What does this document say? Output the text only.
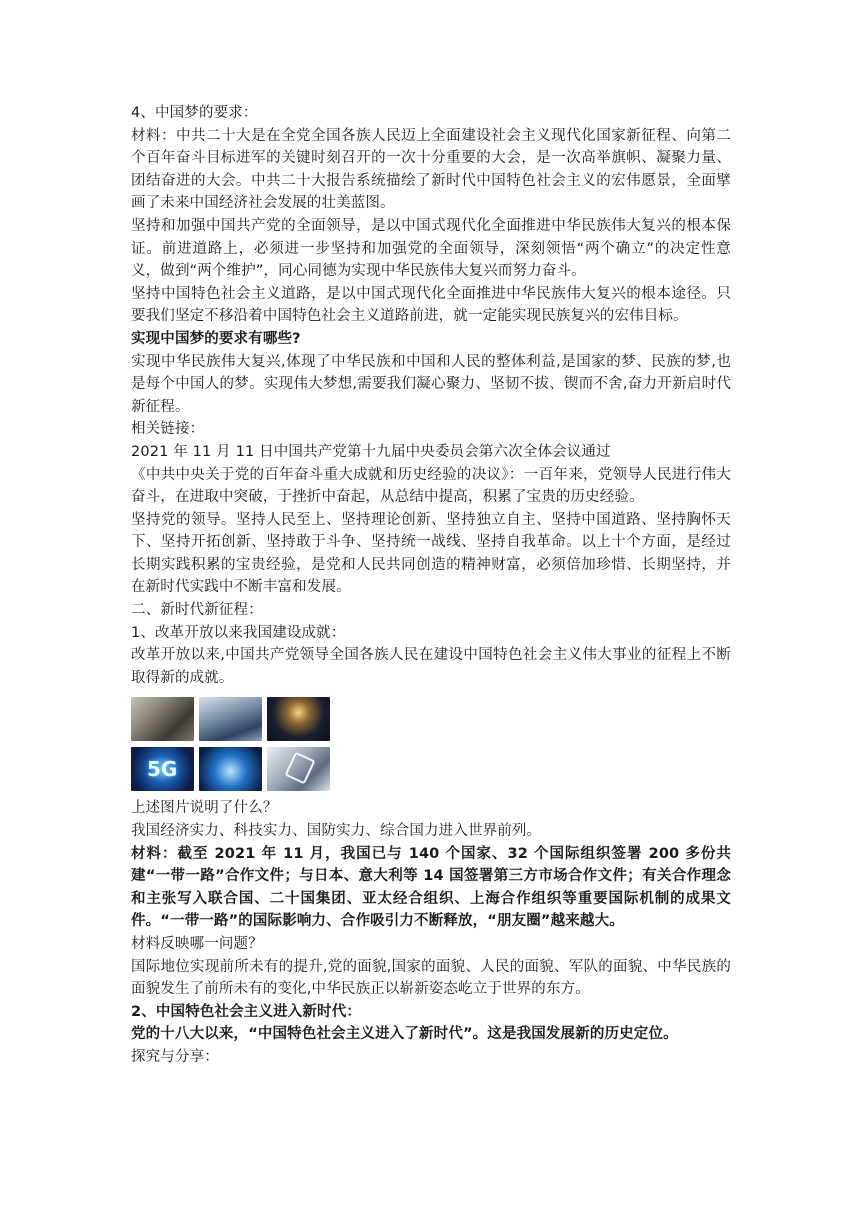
4、中国梦的要求：

材料：中共二十大是在全党全国各族人民迈上全面建设社会主义现代化国家新征程、向第二个百年奋斗目标进军的关键时刻召开的一次十分重要的大会，是一次高举旗帜、凝聚力量、团结奋进的大会。中共二十大报告系统描绘了新时代中国特色社会主义的宏伟愿景，全面擘画了未来中国经济社会发展的壮美蓝图。

坚持和加强中国共产党的全面领导，是以中国式现代化全面推进中华民族伟大复兴的根本保证。前进道路上，必须进一步坚持和加强党的全面领导，深刻领悟“两个确立”的决定性意义，做到“两个维护”，同心同德为实现中华民族伟大复兴而努力奋斗。

坚持中国特色社会主义道路，是以中国式现代化全面推进中华民族伟大复兴的根本途径。只要我们坚定不移沿着中国特色社会主义道路前进，就一定能实现民族复兴的宏伟目标。

实现中国梦的要求有哪些?

实现中华民族伟大复兴,体现了中华民族和中国和人民的整体利益,是国家的梦、民族的梦,也是每个中国人的梦。实现伟大梦想,需要我们凝心聚力、坚韧不拔、锲而不舍,奋力开新启时代新征程。

相关链接：

2021 年 11 月 11 日中国共产党第十九届中央委员会第六次全体会议通过

《中共中央关于党的百年奋斗重大成就和历史经验的决议》：一百年来，党领导人民进行伟大奋斗，在进取中突破，于挫折中奋起，从总结中提高，积累了宝贵的历史经验。

坚持党的领导。坚持人民至上、坚持理论创新、坚持独立自主、坚持中国道路、坚持胸怀天下、坚持开拓创新、坚持敢于斗争、坚持统一战线、坚持自我革命。以上十个方面，是经过长期实践积累的宝贵经验，是党和人民共同创造的精神财富，必须倍加珍惜、长期坚持，并在新时代实践中不断丰富和发展。

二、新时代新征程：

1、改革开放以来我国建设成就：

改革开放以来,中国共产党领导全国各族人民在建设中国特色社会主义伟大事业的征程上不断取得新的成就。

5G

上述图片说明了什么？

我国经济实力、科技实力、国防实力、综合国力进入世界前列。

材料：截至 2021 年 11 月，我国已与 140 个国家、32 个国际组织签署 200 多份共建“一带一路”合作文件；与日本、意大利等 14 国签署第三方市场合作文件；有关合作理念和主张写入联合国、二十国集团、亚太经合组织、上海合作组织等重要国际机制的成果文件。“一带一路”的国际影响力、合作吸引力不断释放，“朋友圈”越来越大。

材料反映哪一问题？

国际地位实现前所未有的提升,党的面貌,国家的面貌、人民的面貌、军队的面貌、中华民族的面貌发生了前所未有的变化,中华民族正以崭新姿态屹立于世界的东方。

2、中国特色社会主义进入新时代：

党的十八大以来，“中国特色社会主义进入了新时代”。这是我国发展新的历史定位。

探究与分享：
